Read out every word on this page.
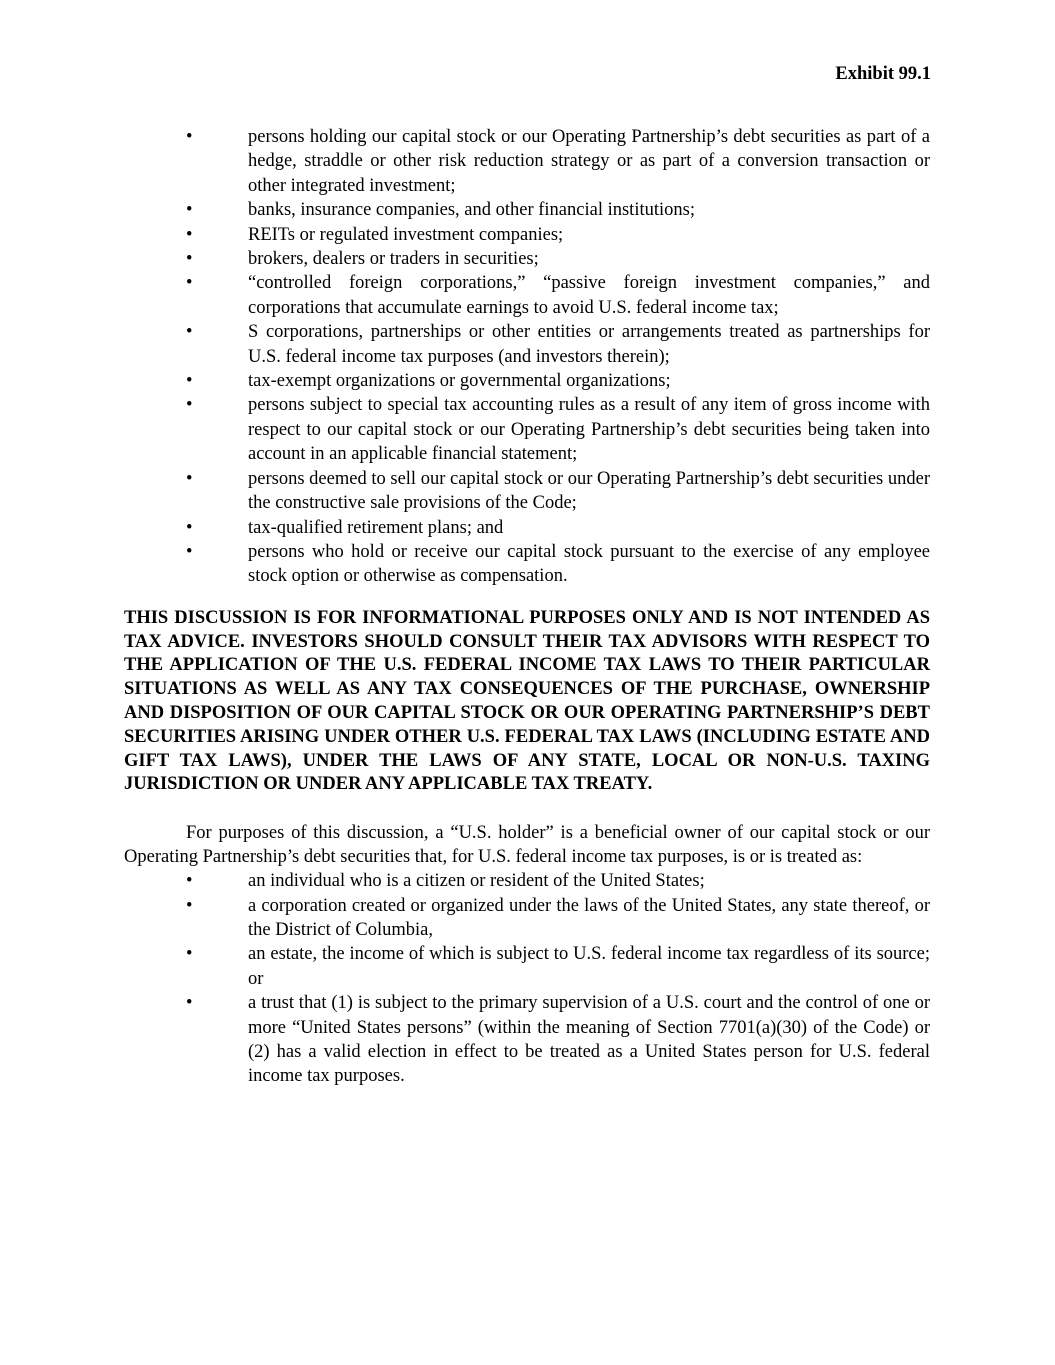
Exhibit 99.1
•	persons holding our capital stock or our Operating Partnership’s debt securities as part of a hedge, straddle or other risk reduction strategy or as part of a conversion transaction or other integrated investment;
•	banks, insurance companies, and other financial institutions;
•	REITs or regulated investment companies;
•	brokers, dealers or traders in securities;
•	“controlled foreign corporations,” “passive foreign investment companies,” and corporations that accumulate earnings to avoid U.S. federal income tax;
•	S corporations, partnerships or other entities or arrangements treated as partnerships for U.S. federal income tax purposes (and investors therein);
•	tax-exempt organizations or governmental organizations;
•	persons subject to special tax accounting rules as a result of any item of gross income with respect to our capital stock or our Operating Partnership’s debt securities being taken into account in an applicable financial statement;
•	persons deemed to sell our capital stock or our Operating Partnership’s debt securities under the constructive sale provisions of the Code;
•	tax-qualified retirement plans; and
•	persons who hold or receive our capital stock pursuant to the exercise of any employee stock option or otherwise as compensation.
THIS DISCUSSION IS FOR INFORMATIONAL PURPOSES ONLY AND IS NOT INTENDED AS TAX ADVICE. INVESTORS SHOULD CONSULT THEIR TAX ADVISORS WITH RESPECT TO THE APPLICATION OF THE U.S. FEDERAL INCOME TAX LAWS TO THEIR PARTICULAR SITUATIONS AS WELL AS ANY TAX CONSEQUENCES OF THE PURCHASE, OWNERSHIP AND DISPOSITION OF OUR CAPITAL STOCK OR OUR OPERATING PARTNERSHIP’S DEBT SECURITIES ARISING UNDER OTHER U.S. FEDERAL TAX LAWS (INCLUDING ESTATE AND GIFT TAX LAWS), UNDER THE LAWS OF ANY STATE, LOCAL OR NON-U.S. TAXING JURISDICTION OR UNDER ANY APPLICABLE TAX TREATY.
For purposes of this discussion, a “U.S. holder” is a beneficial owner of our capital stock or our Operating Partnership’s debt securities that, for U.S. federal income tax purposes, is or is treated as:
•	an individual who is a citizen or resident of the United States;
•	a corporation created or organized under the laws of the United States, any state thereof, or the District of Columbia,
•	an estate, the income of which is subject to U.S. federal income tax regardless of its source; or
•	a trust that (1) is subject to the primary supervision of a U.S. court and the control of one or more “United States persons” (within the meaning of Section 7701(a)(30) of the Code) or (2) has a valid election in effect to be treated as a United States person for U.S. federal income tax purposes.
